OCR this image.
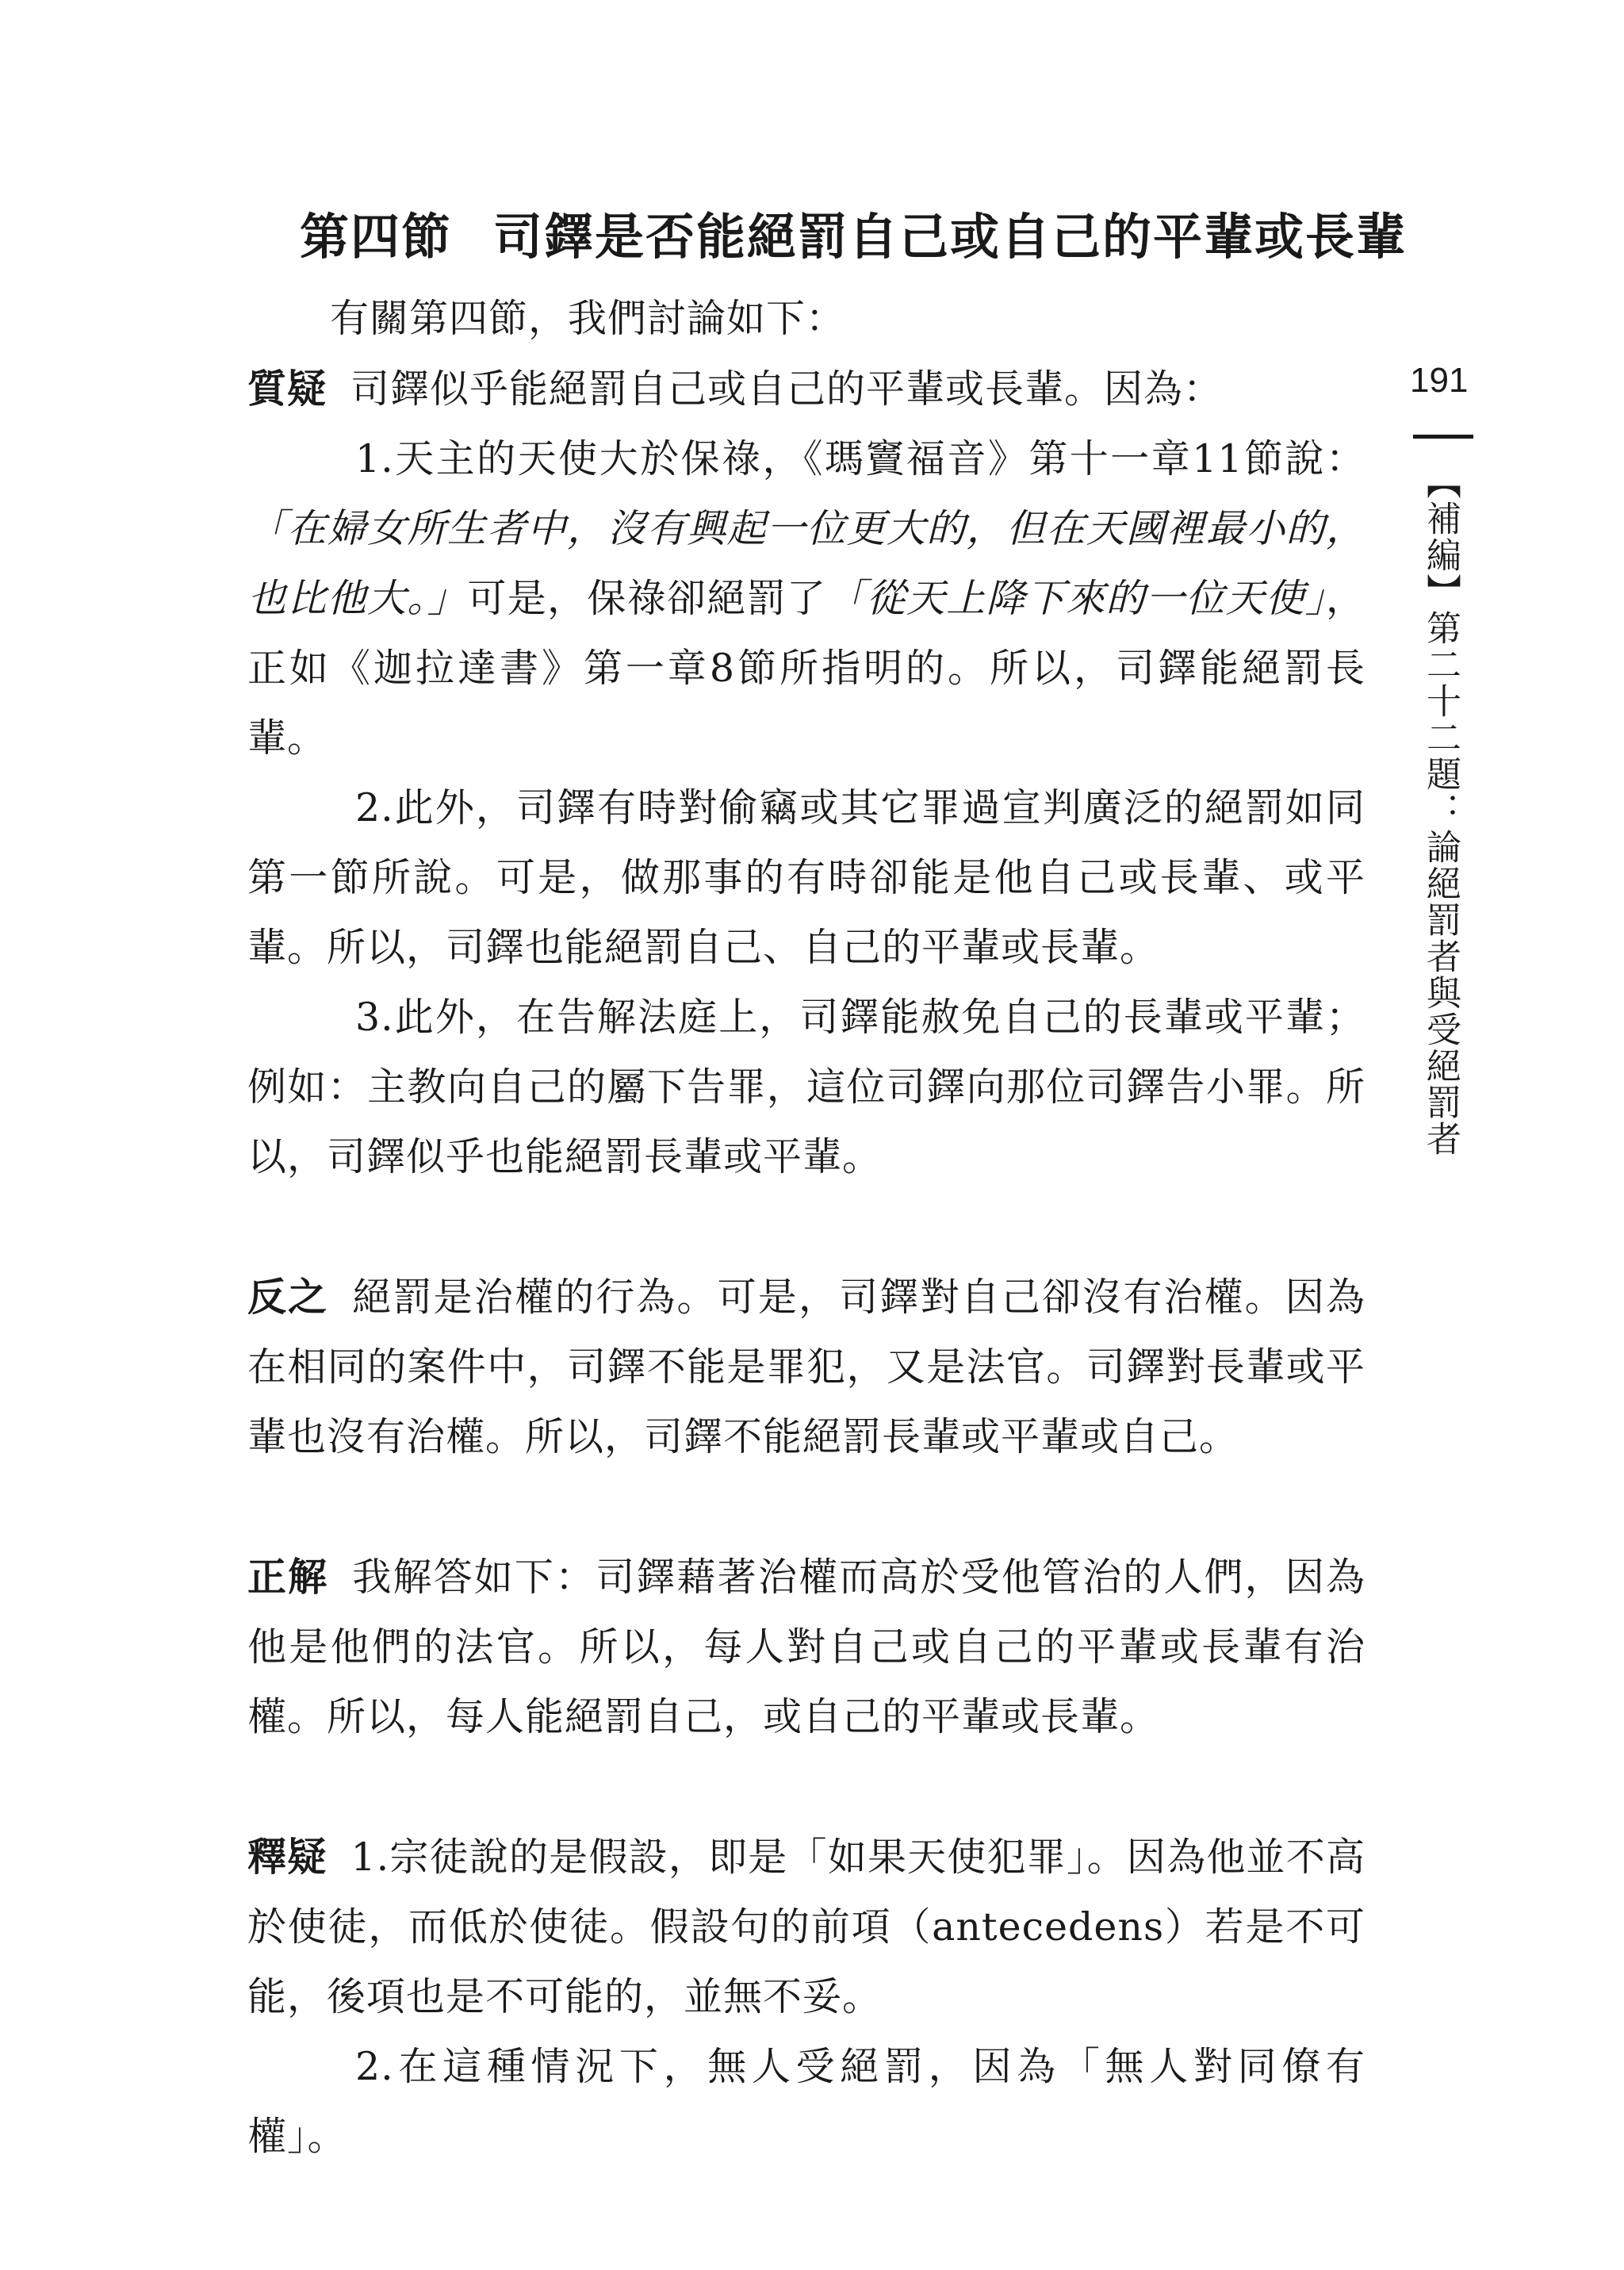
第四節 司鐸是否能絕罰自己或自己的平輩或長輩

有關第四節，我們討論如下：

質疑 司鐸似乎能絕罰自己或自己的平輩或長輩。因為：

1.天主的天使大於保祿，《瑪竇福音》第十一章11節說：「在婦女所生者中，沒有興起一位更大的，但在天國裡最小的，也比他大。」可是，保祿卻絕罰了「從天上降下來的一位天使」，正如《迦拉達書》第一章8節所指明的。所以，司鐸能絕罰長輩。

2.此外，司鐸有時對偷竊或其它罪過宣判廣泛的絕罰如同第一節所說。可是，做那事的有時卻能是他自己或長輩、或平輩。所以，司鐸也能絕罰自己、自己的平輩或長輩。

3.此外，在告解法庭上，司鐸能赦免自己的長輩或平輩；例如：主教向自己的屬下告罪，這位司鐸向那位司鐸告小罪。所以，司鐸似乎也能絕罰長輩或平輩。

反之 絕罰是治權的行為。可是，司鐸對自己卻沒有治權。因為在相同的案件中，司鐸不能是罪犯，又是法官。司鐸對長輩或平輩也沒有治權。所以，司鐸不能絕罰長輩或平輩或自己。

正解 我解答如下：司鐸藉著治權而高於受他管治的人們，因為他是他們的法官。所以，每人對自己或自己的平輩或長輩有治權。所以，每人能絕罰自己，或自己的平輩或長輩。

釋疑 1.宗徒說的是假設，即是「如果天使犯罪」。因為他並不高於使徒，而低於使徒。假設句的前項（antecedens）若是不可能，後項也是不可能的，並無不妥。

2.在這種情況下，無人受絕罰，因為「無人對同僚有權」。

191
【補編】第二十二題：論絕罰者與受絕罰者
